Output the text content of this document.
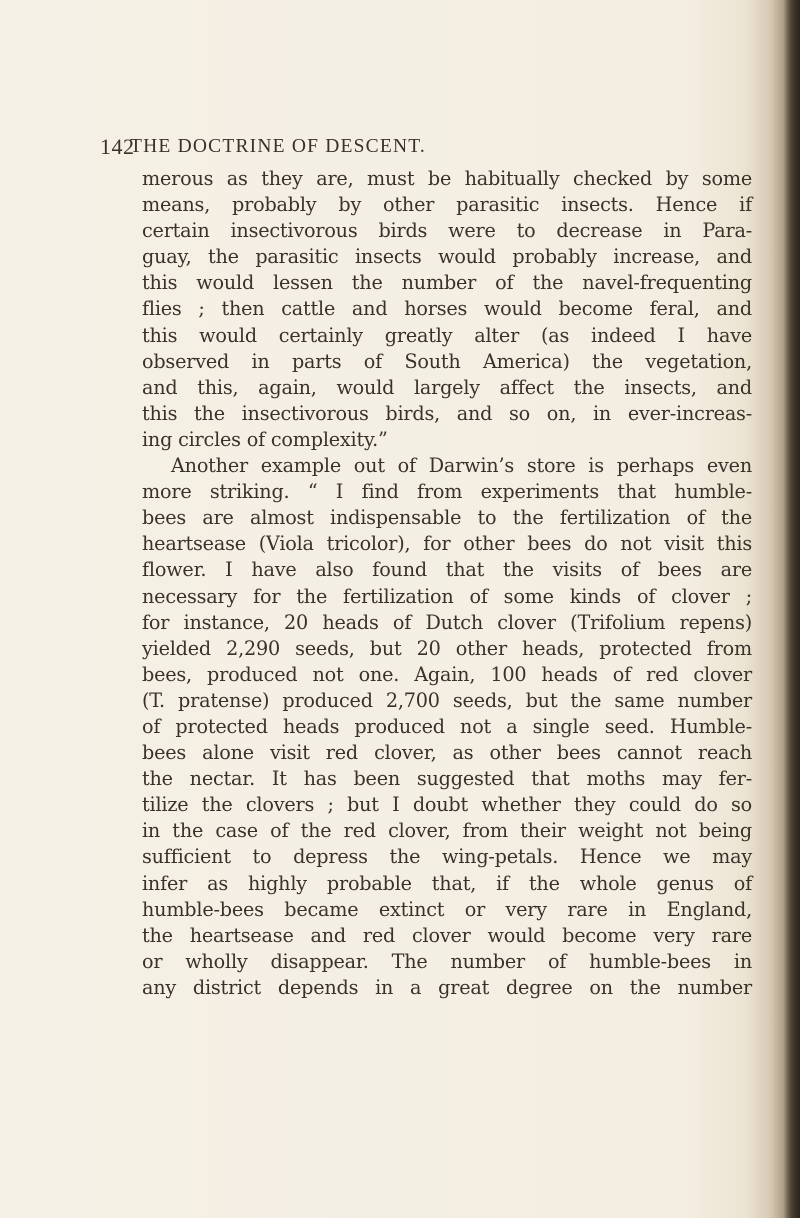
142
THE DOCTRINE OF DESCENT.
merous as they are, must be habitually checked by some
means, probably by other parasitic insects. Hence if
certain insectivorous birds were to decrease in Para-
guay, the parasitic insects would probably increase, and
this would lessen the number of the navel-frequenting
flies ; then cattle and horses would become feral, and
this would certainly greatly alter (as indeed I have
observed in parts of South America) the vegetation,
and this, again, would largely affect the insects, and
this the insectivorous birds, and so on, in ever-increas-
ing circles of complexity.”
Another example out of Darwin’s store is perhaps even
more striking. “ I find from experiments that humble-
bees are almost indispensable to the fertilization of the
heartsease (Viola tricolor), for other bees do not visit this
flower. I have also found that the visits of bees are
necessary for the fertilization of some kinds of clover ;
for instance, 20 heads of Dutch clover (Trifolium repens)
yielded 2,290 seeds, but 20 other heads, protected from
bees, produced not one. Again, 100 heads of red clover
(T. pratense) produced 2,700 seeds, but the same number
of protected heads produced not a single seed. Humble-
bees alone visit red clover, as other bees cannot reach
the nectar. It has been suggested that moths may fer-
tilize the clovers ; but I doubt whether they could do so
in the case of the red clover, from their weight not being
sufficient to depress the wing-petals. Hence we may
infer as highly probable that, if the whole genus of
humble-bees became extinct or very rare in England,
the heartsease and red clover would become very rare
or wholly disappear. The number of humble-bees in
any district depends in a great degree on the number
